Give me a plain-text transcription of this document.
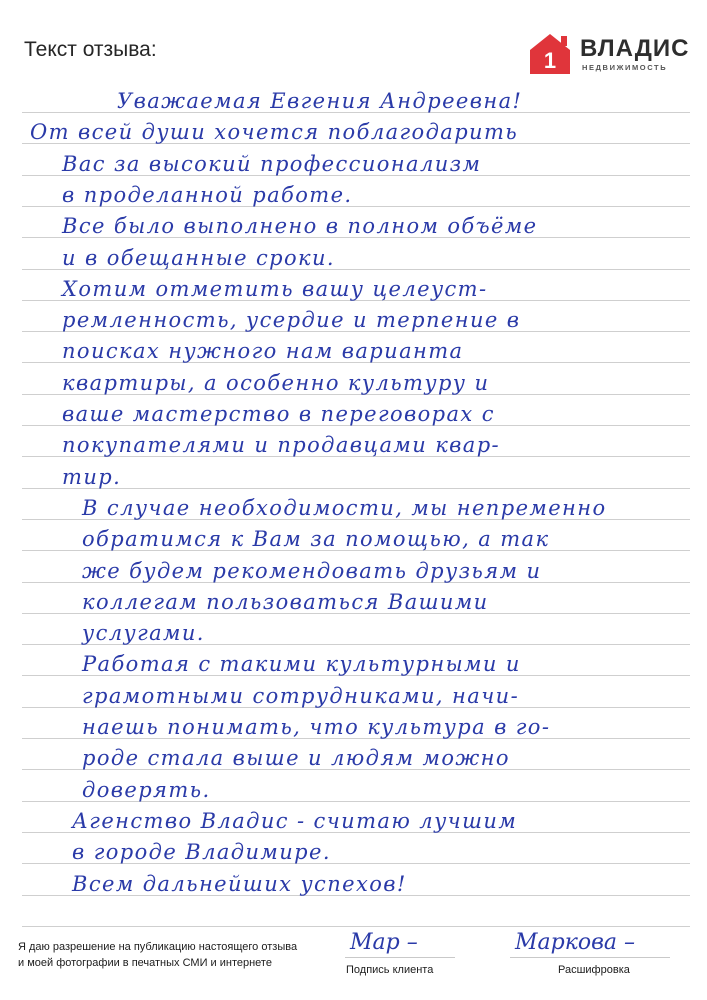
Текст отзыва:	1 ВЛАДИС
НЕДВИЖИМОСТЬ
Уважаемая Евгения Андреевна!
От всей души хочется поблагодарить
Вас за высокий профессионализм
в проделанной работе.
Все было выполнено в полном объёме
и в обещанные сроки.
Хотим отметить вашу целеуст-
ремленность, усердие и терпение в
поисках нужного нам варианта
квартиры, а особенно культуру и
ваше мастерство в переговорах с
покупателями и продавцами квар-
тир.
В случае необходимости, мы непременно
обратимся к Вам за помощью, а так
же будем рекомендовать друзьям и
коллегам пользоваться Вашими
услугами.
Работая с такими культурными и
грамотными сотрудниками, начи-
наешь понимать, что культура в го-
роде стала выше и людям можно
доверять.
Агенство Владис - считаю лучшим
в городе Владимире.
Всем дальнейших успехов!
Я даю разрешение на публикацию настоящего отзыва
и моей фотографии в печатных СМИ и интернете
Мар –
Подпись клиента
Маркова –
Расшифровка
